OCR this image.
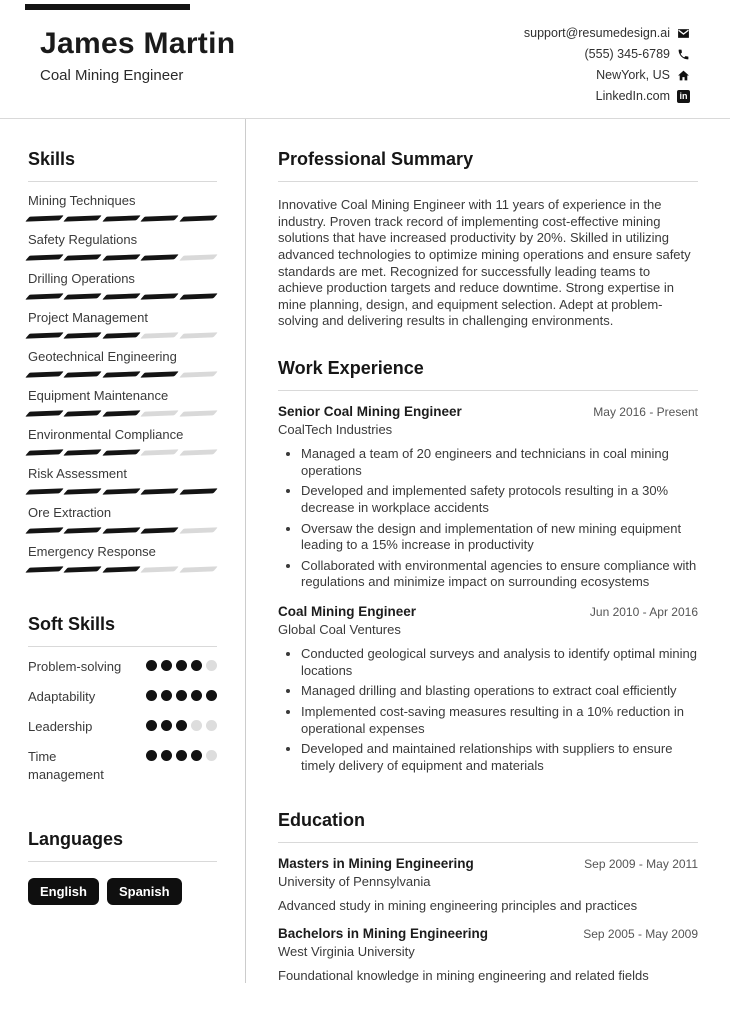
James Martin
Coal Mining Engineer
support@resumedesign.ai
(555) 345-6789
NewYork, US
LinkedIn.com in
Skills
Mining Techniques
Safety Regulations
Drilling Operations
Project Management
Geotechnical Engineering
Equipment Maintenance
Environmental Compliance
Risk Assessment
Ore Extraction
Emergency Response
Soft Skills
Problem-solving
Adaptability
Leadership
Time management
Languages
English Spanish
Professional Summary

Innovative Coal Mining Engineer with 11 years of experience in the industry. Proven track record of implementing cost-effective mining solutions that have increased productivity by 20%. Skilled in utilizing advanced technologies to optimize mining operations and ensure safety standards are met. Recognized for successfully leading teams to achieve production targets and reduce downtime. Strong expertise in mine planning, design, and equipment selection. Adept at problem-solving and delivering results in challenging environments.

Work Experience
Senior Coal Mining Engineer	May 2016 - Present
CoalTech Industries
• Managed a team of 20 engineers and technicians in coal mining operations
• Developed and implemented safety protocols resulting in a 30% decrease in workplace accidents
• Oversaw the design and implementation of new mining equipment leading to a 15% increase in productivity
• Collaborated with environmental agencies to ensure compliance with regulations and minimize impact on surrounding ecosystems
Coal Mining Engineer	Jun 2010 - Apr 2016
Global Coal Ventures
• Conducted geological surveys and analysis to identify optimal mining locations
• Managed drilling and blasting operations to extract coal efficiently
• Implemented cost-saving measures resulting in a 10% reduction in operational expenses
• Developed and maintained relationships with suppliers to ensure timely delivery of equipment and materials
Education
Masters in Mining Engineering	Sep 2009 - May 2011
University of Pennsylvania
Advanced study in mining engineering principles and practices
Bachelors in Mining Engineering	Sep 2005 - May 2009
West Virginia University
Foundational knowledge in mining engineering and related fields
